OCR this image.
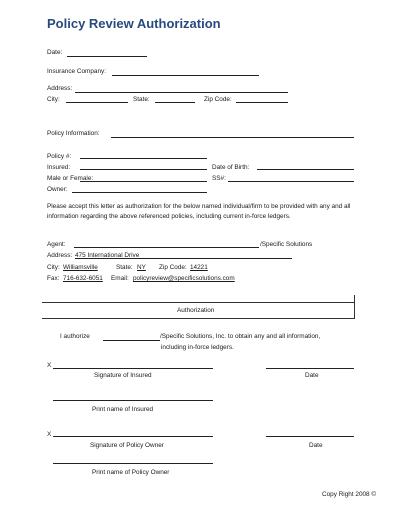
Policy Review Authorization
Date:
Insurance Company:
Address:
City:	State:	Zip Code:
Policy Information:
Policy #:
Insured:	Date of Birth:
Male or Female:	SS#:
Owner:
Please accept this letter as authorization for the below named individual/firm to be provided with any and all information regarding the above referenced policies, including current in-force ledgers.
Agent:	/Specific Solutions
Address: 475 International Drive
City: Williamsville	State: NY Zip Code: 14221
Fax: 716-632-6051 Email: policyreview@specificsolutions.com
Authorization
I authorize	/Specific Solutions, Inc. to obtain any and all information,
including in-force ledgers.
X
Signature of Insured	Date
Print name of Insured
X
Signature of Policy Owner	Date
Print name of Policy Owner
Copy Right 2008 ©
